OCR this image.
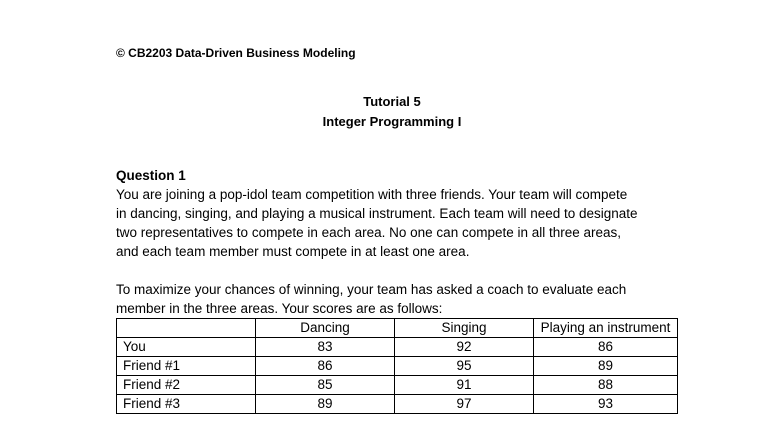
© CB2203 Data-Driven Business Modeling
Tutorial 5
Integer Programming I
Question 1
You are joining a pop-idol team competition with three friends. Your team will compete
in dancing, singing, and playing a musical instrument. Each team will need to designate
two representatives to compete in each area. No one can compete in all three areas,
and each team member must compete in at least one area.
To maximize your chances of winning, your team has asked a coach to evaluate each
member in the three areas. Your scores are as follows:
	Dancing	Singing	Playing an instrument
You	83	92	86
Friend #1	86	95	89
Friend #2	85	91	88
Friend #3	89	97	93
